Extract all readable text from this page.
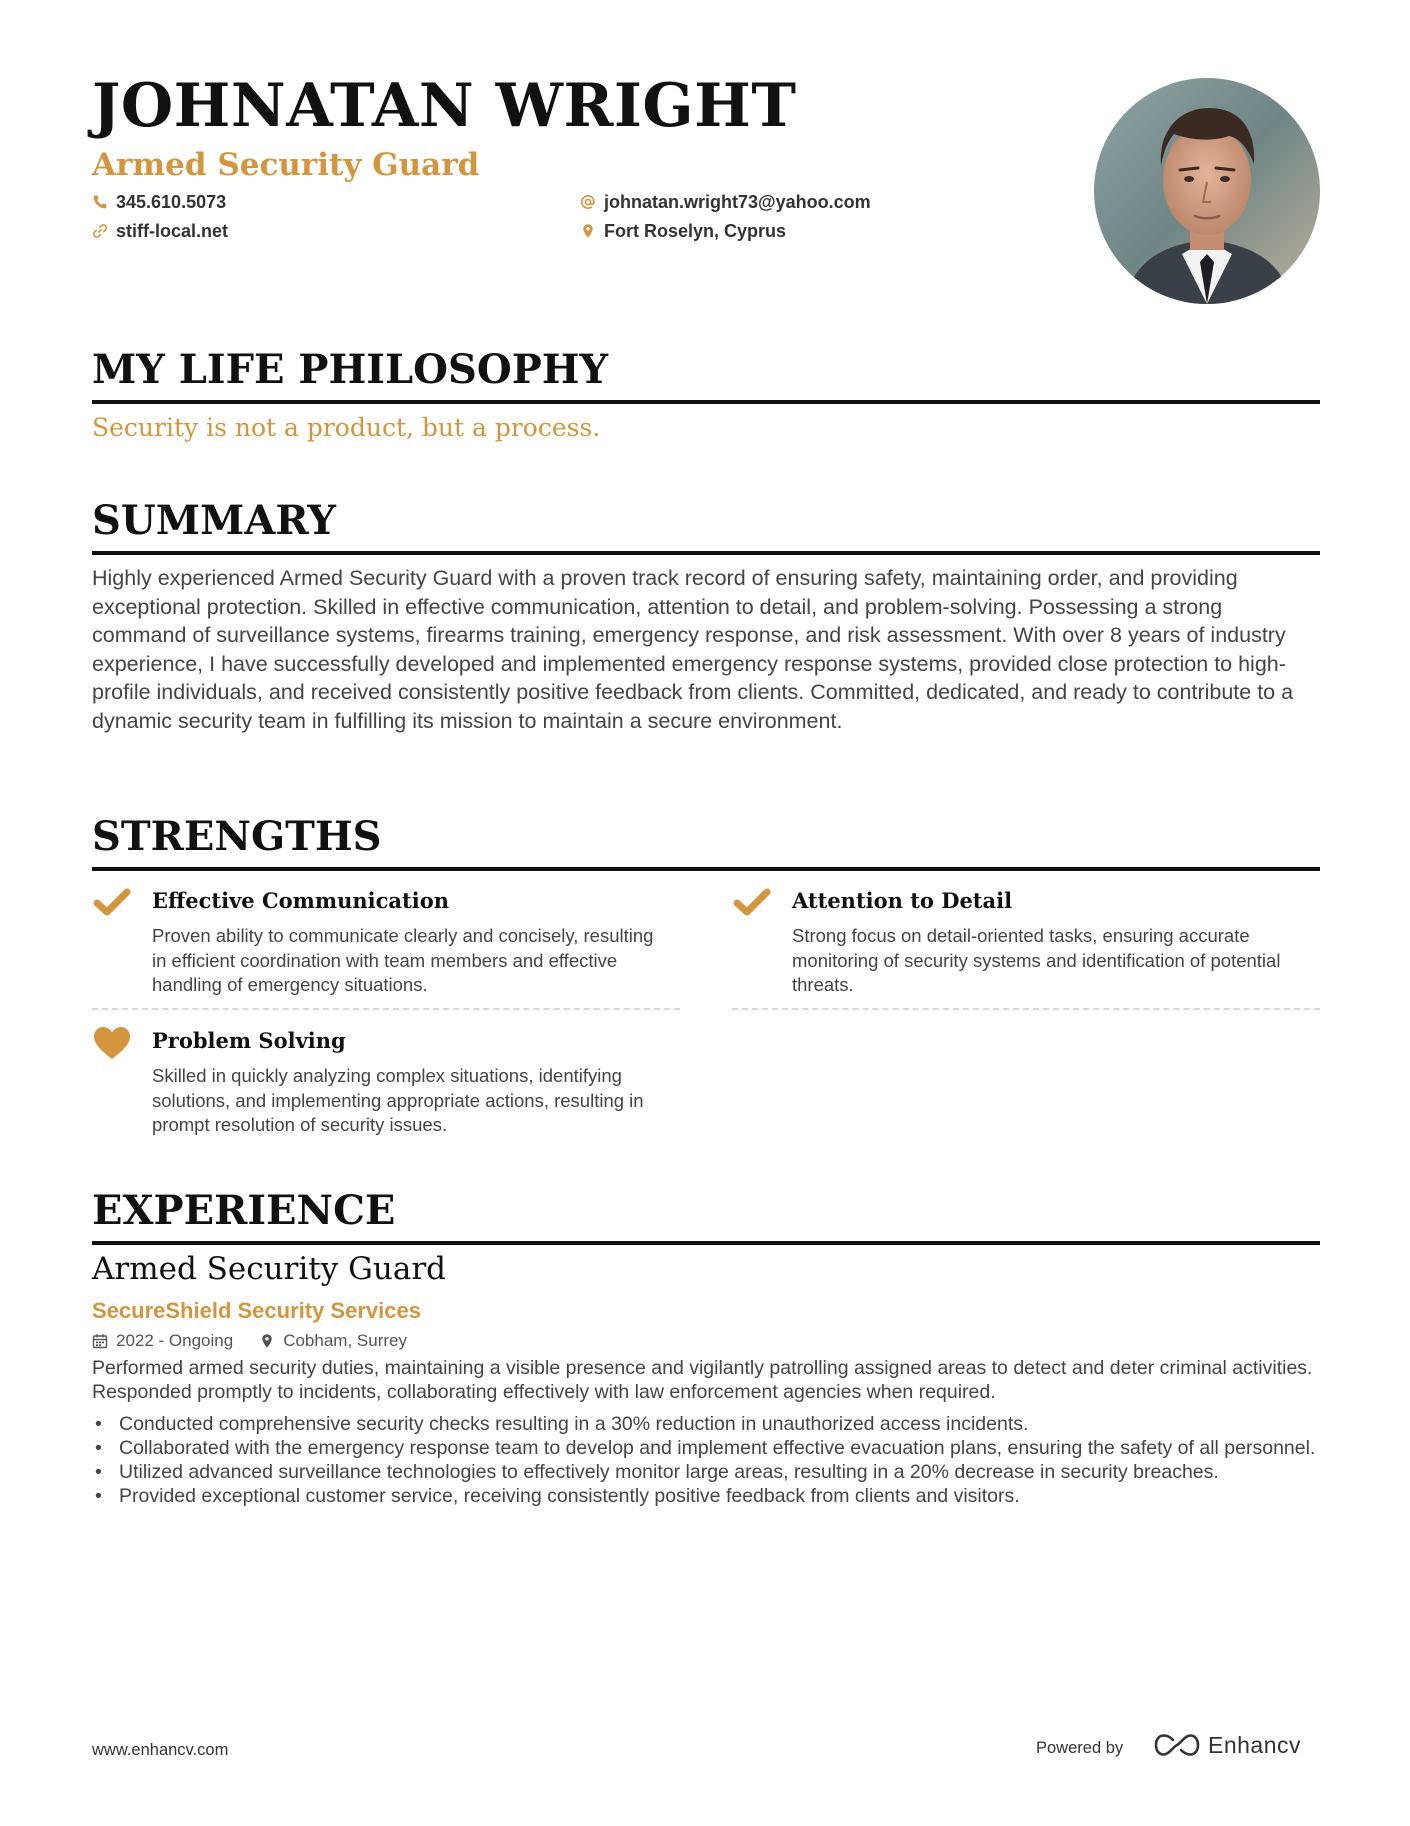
JOHNATAN WRIGHT
Armed Security Guard
345.610.5073	johnatan.wright73@yahoo.com
stiff-local.net	Fort Roselyn, Cyprus
MY LIFE PHILOSOPHY
Security is not a product, but a process.
SUMMARY

Highly experienced Armed Security Guard with a proven track record of ensuring safety, maintaining order, and providing exceptional protection. Skilled in effective communication, attention to detail, and problem-solving. Possessing a strong command of surveillance systems, firearms training, emergency response, and risk assessment. With over 8 years of industry experience, I have successfully developed and implemented emergency response systems, provided close protection to high-profile individuals, and received consistently positive feedback from clients. Committed, dedicated, and ready to contribute to a dynamic security team in fulfilling its mission to maintain a secure environment.

STRENGTHS
Effective Communication

Proven ability to communicate clearly and concisely, resulting in efficient coordination with team members and effective handling of emergency situations.

Attention to Detail

Strong focus on detail-oriented tasks, ensuring accurate monitoring of security systems and identification of potential threats.

Problem Solving

Skilled in quickly analyzing complex situations, identifying solutions, and implementing appropriate actions, resulting in prompt resolution of security issues.

EXPERIENCE
Armed Security Guard
SecureShield Security Services
2022 - Ongoing	Cobham, Surrey

Performed armed security duties, maintaining a visible presence and vigilantly patrolling assigned areas to detect and deter criminal activities. Responded promptly to incidents, collaborating effectively with law enforcement agencies when required.

• Conducted comprehensive security checks resulting in a 30% reduction in unauthorized access incidents.
• Collaborated with the emergency response team to develop and implement effective evacuation plans, ensuring the safety of all personnel.
• Utilized advanced surveillance technologies to effectively monitor large areas, resulting in a 20% decrease in security breaches.
• Provided exceptional customer service, receiving consistently positive feedback from clients and visitors.
www.enhancv.com	Powered by	Enhancv
